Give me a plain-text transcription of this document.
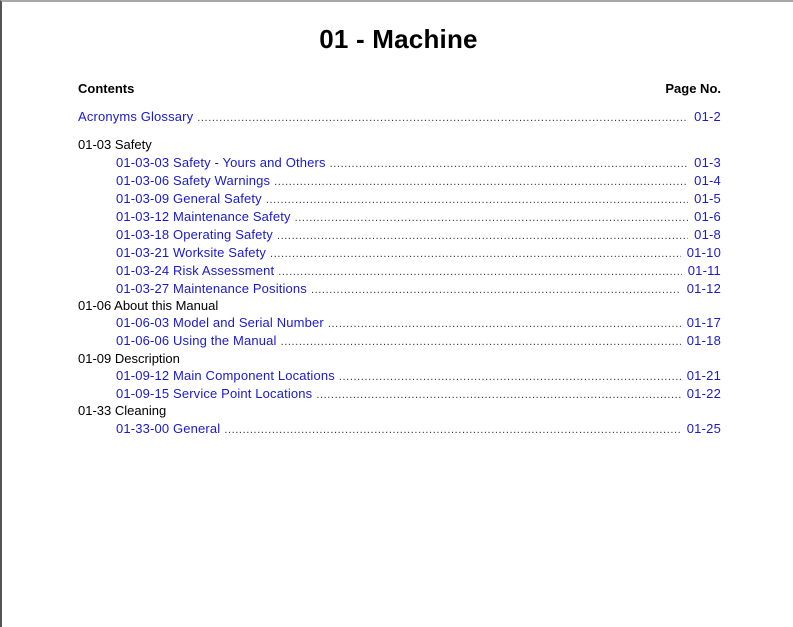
01 - Machine
Contents	Page No.
Acronyms Glossary .....	01-2
01-03 Safety
01-03-03 Safety - Yours and Others .....	01-3
01-03-06 Safety Warnings .....	01-4
01-03-09 General Safety .....	01-5
01-03-12 Maintenance Safety .....	01-6
01-03-18 Operating Safety .....	01-8
01-03-21 Worksite Safety .....	01-10
01-03-24 Risk Assessment .....	01-11
01-03-27 Maintenance Positions .....	01-12
01-06 About this Manual
01-06-03 Model and Serial Number .....	01-17
01-06-06 Using the Manual .....	01-18
01-09 Description
01-09-12 Main Component Locations .....	01-21
01-09-15 Service Point Locations .....	01-22
01-33 Cleaning
01-33-00 General .....	01-25
